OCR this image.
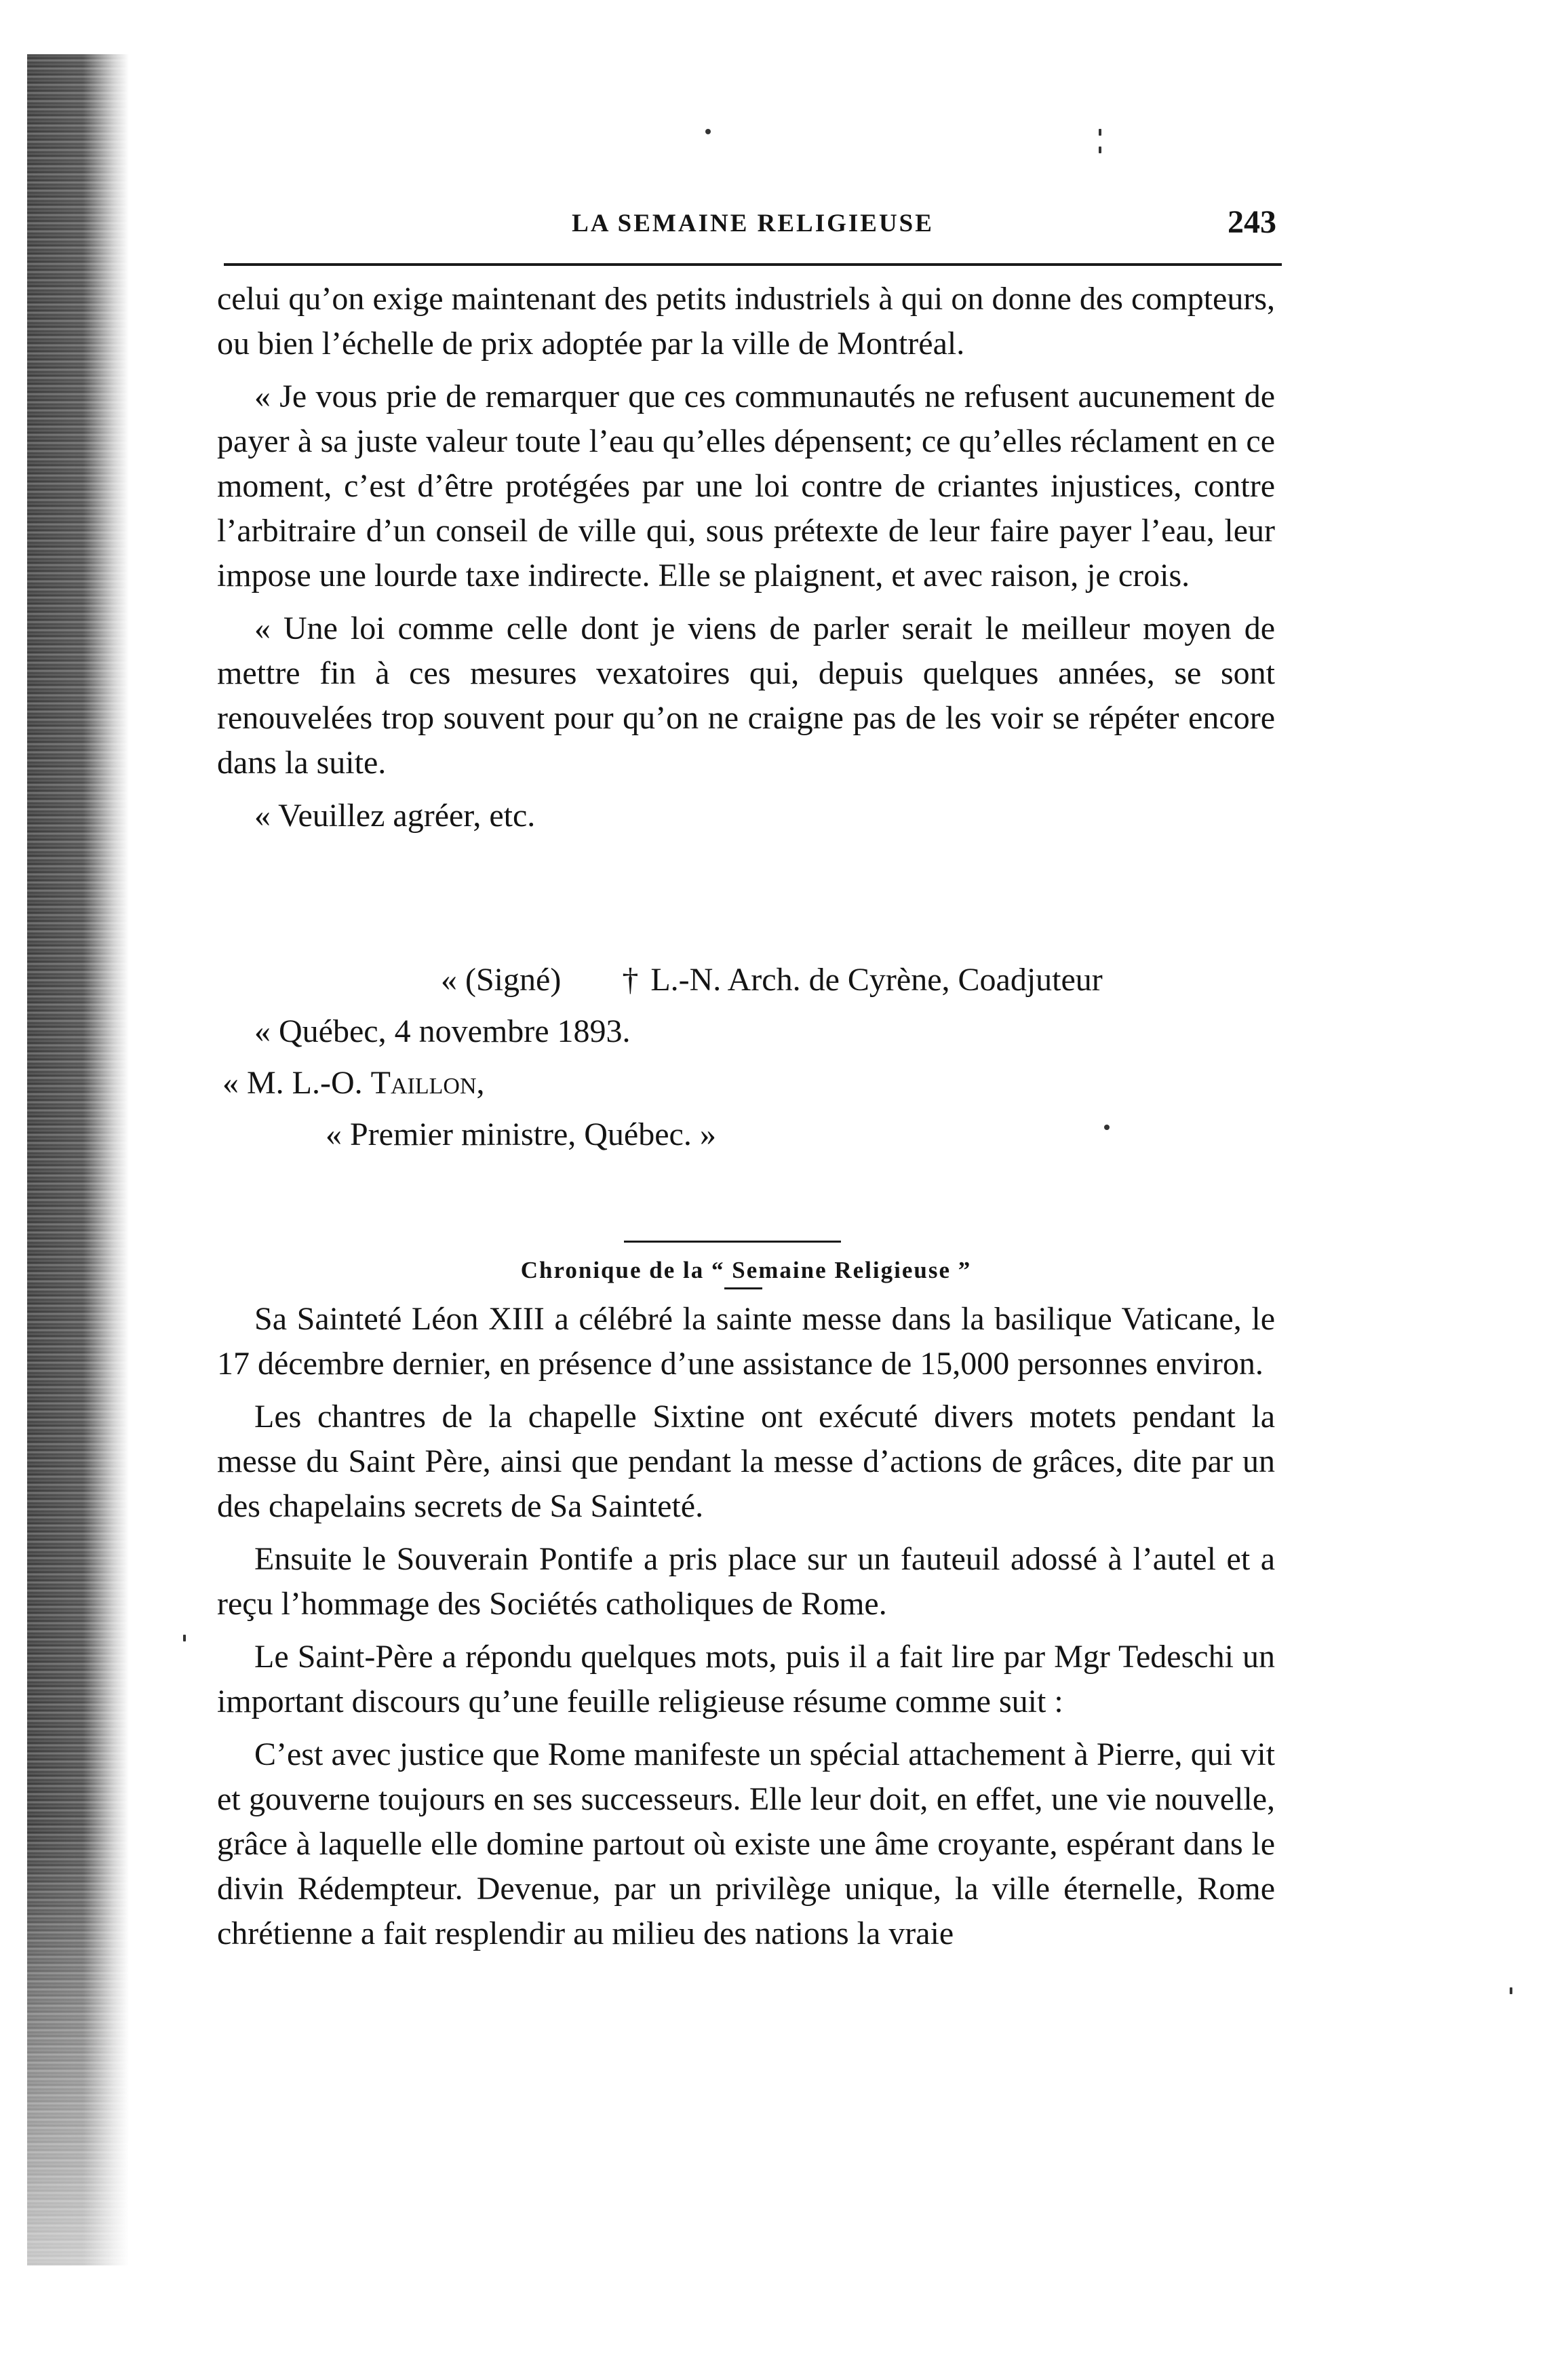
LA SEMAINE RELIGIEUSE	243

celui qu’on exige maintenant des petits industriels à qui on donne des compteurs, ou bien l’échelle de prix adoptée par la ville de Montréal.

« Je vous prie de remarquer que ces communautés ne refusent aucunement de payer à sa juste valeur toute l’eau qu’elles dépensent; ce qu’elles réclament en ce moment, c’est d’être protégées par une loi contre de criantes injustices, contre l’arbitraire d’un conseil de ville qui, sous prétexte de leur faire payer l’eau, leur impose une lourde taxe indirecte. Elle se plaignent, et avec raison, je crois.

« Une loi comme celle dont je viens de parler serait le meilleur moyen de mettre fin à ces mesures vexatoires qui, depuis quelques années, se sont renouvelées trop souvent pour qu’on ne craigne pas de les voir se répéter encore dans la suite.

« Veuillez agréer, etc.

« (Signé) † L.-N. Arch. de Cyrène, Coadjuteur
« Québec, 4 novembre 1893.
« M. L.-O. Taillon,
« Premier ministre, Québec. »
Chronique de la “ Semaine Religieuse ”

Sa Sainteté Léon XIII a célébré la sainte messe dans la basilique Vaticane, le 17 décembre dernier, en présence d’une assistance de 15,000 personnes environ.

Les chantres de la chapelle Sixtine ont exécuté divers motets pendant la messe du Saint Père, ainsi que pendant la messe d’actions de grâces, dite par un des chapelains secrets de Sa Sainteté.

Ensuite le Souverain Pontife a pris place sur un fauteuil adossé à l’autel et a reçu l’hommage des Sociétés catholiques de Rome.

Le Saint-Père a répondu quelques mots, puis il a fait lire par Mgr Tedeschi un important discours qu’une feuille religieuse résume comme suit :

C’est avec justice que Rome manifeste un spécial attachement à Pierre, qui vit et gouverne toujours en ses successeurs. Elle leur doit, en effet, une vie nouvelle, grâce à laquelle elle domine partout où existe une âme croyante, espérant dans le divin Rédempteur. Devenue, par un privilège unique, la ville éternelle, Rome chrétienne a fait resplendir au milieu des nations la vraie
